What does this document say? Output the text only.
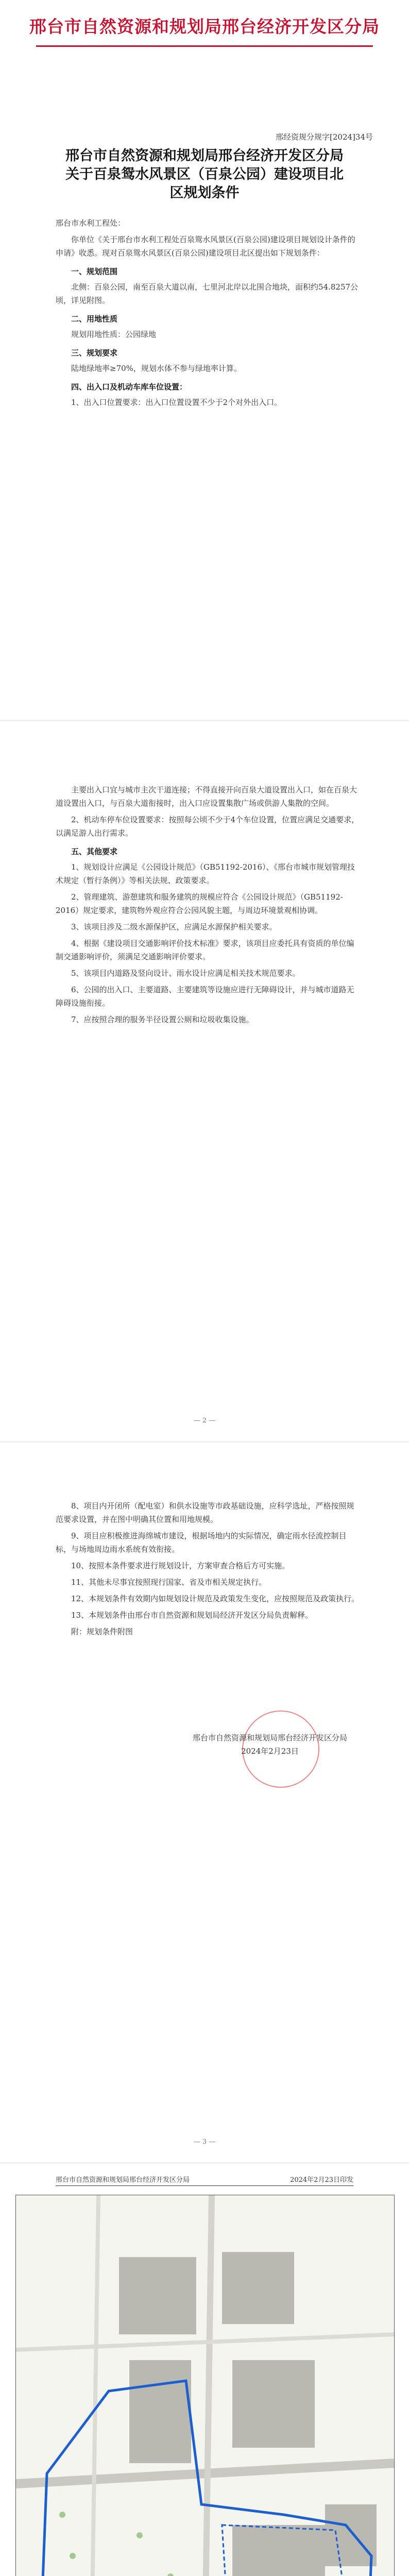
邢台市自然资源和规划局邢台经济开发区分局
邢经资规分规字[2024]34号
邢台市自然资源和规划局邢台经济开发区分局
关于百泉鸳水风景区（百泉公园）建设项目北
区规划条件

邢台市水利工程处：

你单位《关于邢台市水利工程处百泉鸳水风景区(百泉公园)建设项目规划设计条件的申请》收悉。现对百泉鸳水风景区(百泉公园)建设项目北区提出如下规划条件：

一、规划范围

北侧：百泉公园，南至百泉大道以南，七里河北岸以北围合地块，面积约54.8257公顷，详见附图。

二、用地性质

规划用地性质：公园绿地

三、规划要求

陆地绿地率≥70%，规划水体不参与绿地率计算。

四、出入口及机动车库车位设置：

1、出入口位置要求：出入口位置设置不少于2个对外出入口。

主要出入口宜与城市主次干道连接；不得直接开向百泉大道设置出入口，如在百泉大道设置出入口，与百泉大道衔接时，出入口应设置集散广场或供游人集散的空间。

2、机动车停车位设置要求：按照每公顷不少于4个车位设置，位置应满足交通要求，以满足游人出行需求。

五、其他要求

1、规划设计应满足《公园设计规范》（GB51192-2016）、《邢台市城市规划管理技术规定（暂行条例）》等相关法规、政策要求。

2、管理建筑、游憩建筑和服务建筑的规模应符合《公园设计规范》（GB51192-2016）规定要求，建筑物外观应符合公园风貌主题，与周边环境景观相协调。

3、该项目涉及二级水源保护区，应满足水源保护相关要求。

4、根据《建设项目交通影响评价技术标准》要求，该项目应委托具有资质的单位编制交通影响评价，须满足交通影响评价要求。

5、该项目内道路及竖向设计、雨水设计应满足相关技术规范要求。

6、公园的出入口、主要道路、主要建筑等设施应进行无障碍设计，并与城市道路无障碍设施衔接。

7、应按照合理的服务半径设置公厕和垃圾收集设施。

— 2 —

8、项目内开闭所（配电室）和供水设施等市政基础设施，应科学选址，严格按照规范要求设置，并在图中明确其位置和用地规模。

9、项目应积极推进海绵城市建设，根据场地内的实际情况，确定雨水径流控制目标，与场地周边雨水系统有效衔接。

10、按照本条件要求进行规划设计，方案审查合格后方可实施。

11、其他未尽事宜按照现行国家、省及市相关规定执行。

12、本规划条件有效期内如规划设计规范及政策发生变化，应按照规范及政策执行。

13、本规划条件由邢台市自然资源和规划局经济开发区分局负责解释。

附：规划条件附图

邢台市自然资源和规划局邢台经济开发区分局
2024年2月23日
— 3 —
邢台市自然资源和规划局邢台经济开发区分局	2024年2月23日印发
